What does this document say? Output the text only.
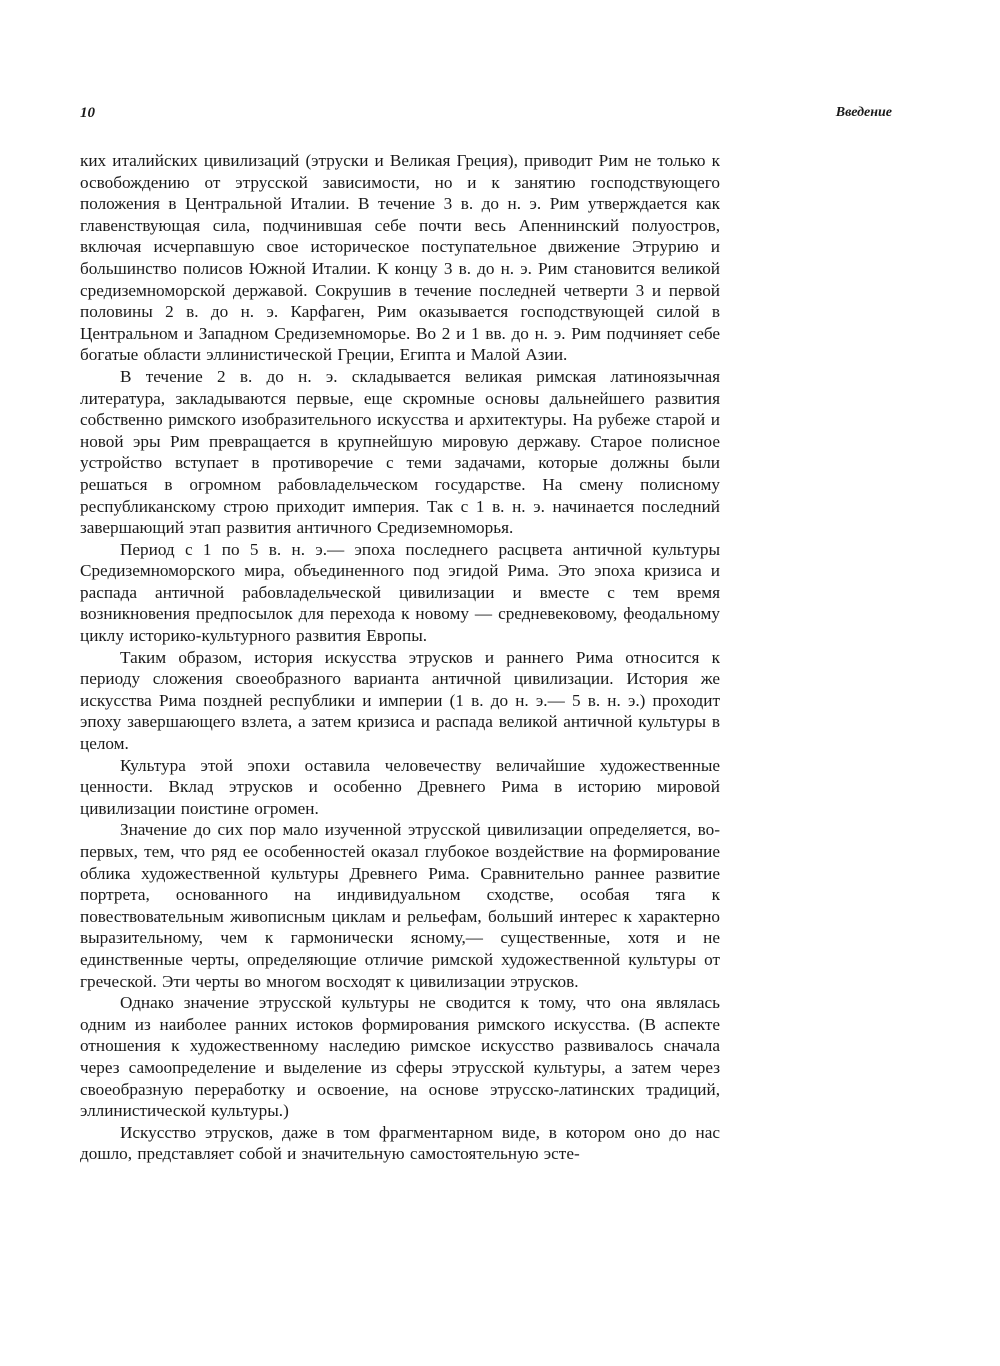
10	Введение

ких италийских цивилизаций (этруски и Великая Греция), приводит Рим не только к освобождению от этрусской зависимости, но и к занятию господствующего положения в Центральной Италии. В течение 3 в. до н. э. Рим утверждается как главенствующая сила, подчинившая себе почти весь Апеннинский полуостров, включая исчерпавшую свое историческое поступательное движение Этрурию и большинство полисов Южной Италии. К концу 3 в. до н. э. Рим становится великой средиземноморской державой. Сокрушив в течение последней четверти 3 и первой половины 2 в. до н. э. Карфаген, Рим оказывается господствующей силой в Центральном и Западном Средиземноморье. Во 2 и 1 вв. до н. э. Рим подчиняет себе богатые области эллинистической Греции, Египта и Малой Азии.

В течение 2 в. до н. э. складывается великая римская латиноязычная литература, закладываются первые, еще скромные основы дальнейшего развития собственно римского изобразительного искусства и архитектуры. На рубеже старой и новой эры Рим превращается в крупнейшую мировую державу. Старое полисное устройство вступает в противоречие с теми задачами, которые должны были решаться в огромном рабовладельческом государстве. На смену полисному республиканскому строю приходит империя. Так с 1 в. н. э. начинается последний завершающий этап развития античного Средиземноморья.

Период с 1 по 5 в. н. э.— эпоха последнего расцвета античной культуры Средиземноморского мира, объединенного под эгидой Рима. Это эпоха кризиса и распада античной рабовладельческой цивилизации и вместе с тем время возникновения предпосылок для перехода к новому — средневековому, феодальному циклу историко-культурного развития Европы.

Таким образом, история искусства этрусков и раннего Рима относится к периоду сложения своеобразного варианта античной цивилизации. История же искусства Рима поздней республики и империи (1 в. до н. э.— 5 в. н. э.) проходит эпоху завершающего взлета, а затем кризиса и распада великой античной культуры в целом.

Культура этой эпохи оставила человечеству величайшие художественные ценности. Вклад этрусков и особенно Древнего Рима в историю мировой цивилизации поистине огромен.

Значение до сих пор мало изученной этрусской цивилизации определяется, во-первых, тем, что ряд ее особенностей оказал глубокое воздействие на формирование облика художественной культуры Древнего Рима. Сравнительно раннее развитие портрета, основанного на индивидуальном сходстве, особая тяга к повествовательным живописным циклам и рельефам, больший интерес к характерно выразительному, чем к гармонически ясному,— существенные, хотя и не единственные черты, определяющие отличие римской художественной культуры от греческой. Эти черты во многом восходят к цивилизации этрусков.

Однако значение этрусской культуры не сводится к тому, что она являлась одним из наиболее ранних истоков формирования римского искусства. (В аспекте отношения к художественному наследию римское искусство развивалось сначала через самоопределение и выделение из сферы этрусской культуры, а затем через своеобразную переработку и освоение, на основе этрусско-латинских традиций, эллинистической культуры.)

Искусство этрусков, даже в том фрагментарном виде, в котором оно до нас дошло, представляет собой и значительную самостоятельную эсте-
